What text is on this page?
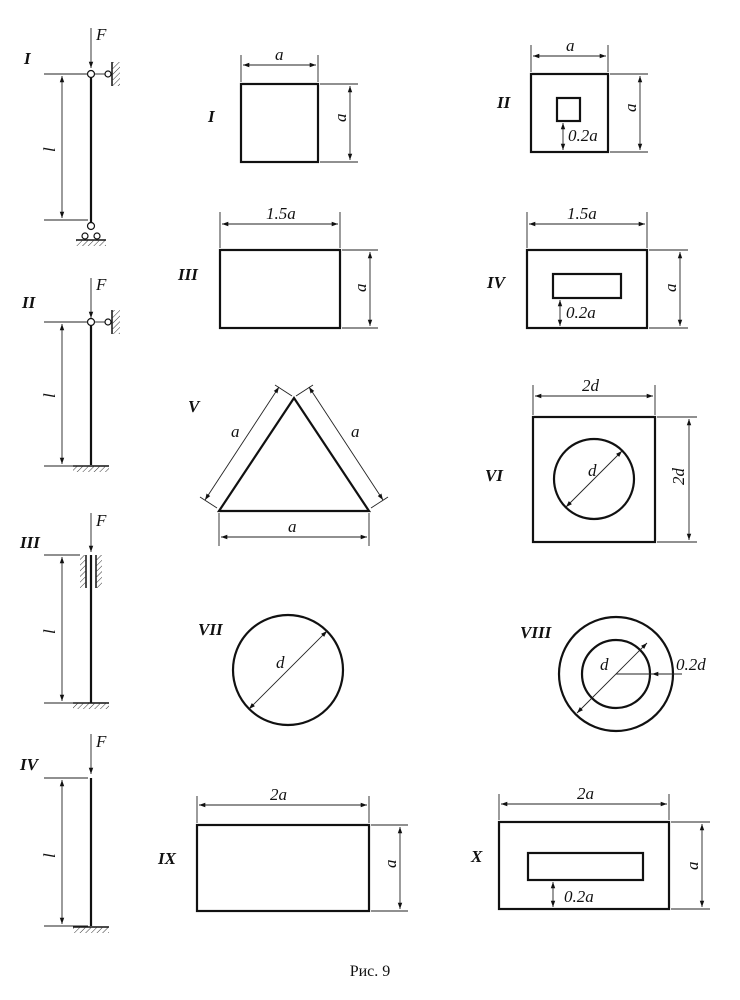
I
F
l
II
F
l
III
F
l
IV
F
l
I
a
a
II
a
a
0.2a
III
1.5a
a	IV
1.5a
a
0.2a
V
a
a	a
VI
2d
2d
d
VII
d
VIII
d	0.2d
IX
2a
a	X
2a
a
0.2a
Рис. 9
